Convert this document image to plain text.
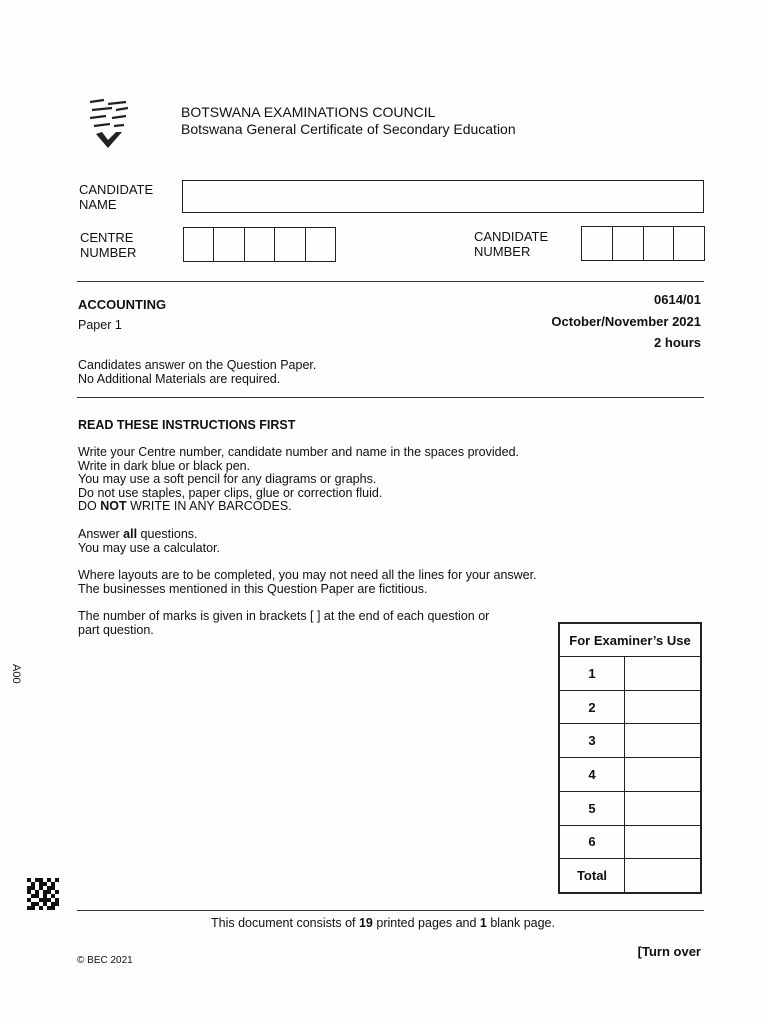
BOTSWANA EXAMINATIONS COUNCIL
Botswana General Certificate of Secondary Education
CANDIDATE
NAME
CENTRE
NUMBER
CANDIDATE
NUMBER
ACCOUNTING
Paper 1
0614/01
October/November 2021
2 hours
Candidates answer on the Question Paper.
No Additional Materials are required.
READ THESE INSTRUCTIONS FIRST
Write your Centre number, candidate number and name in the spaces provided.
Write in dark blue or black pen.
You may use a soft pencil for any diagrams or graphs.
Do not use staples, paper clips, glue or correction fluid.
DO NOT WRITE IN ANY BARCODES.
Answer all questions.
You may use a calculator.
Where layouts are to be completed, you may not need all the lines for your answer.
The businesses mentioned in this Question Paper are fictitious.
The number of marks is given in brackets [ ] at the end of each question or
part question.
For Examiner’s Use	
1	
2	
3	
4	
5	
6	
Total	
A00
This document consists of 19 printed pages and 1 blank page.
© BEC 2021
[Turn over
